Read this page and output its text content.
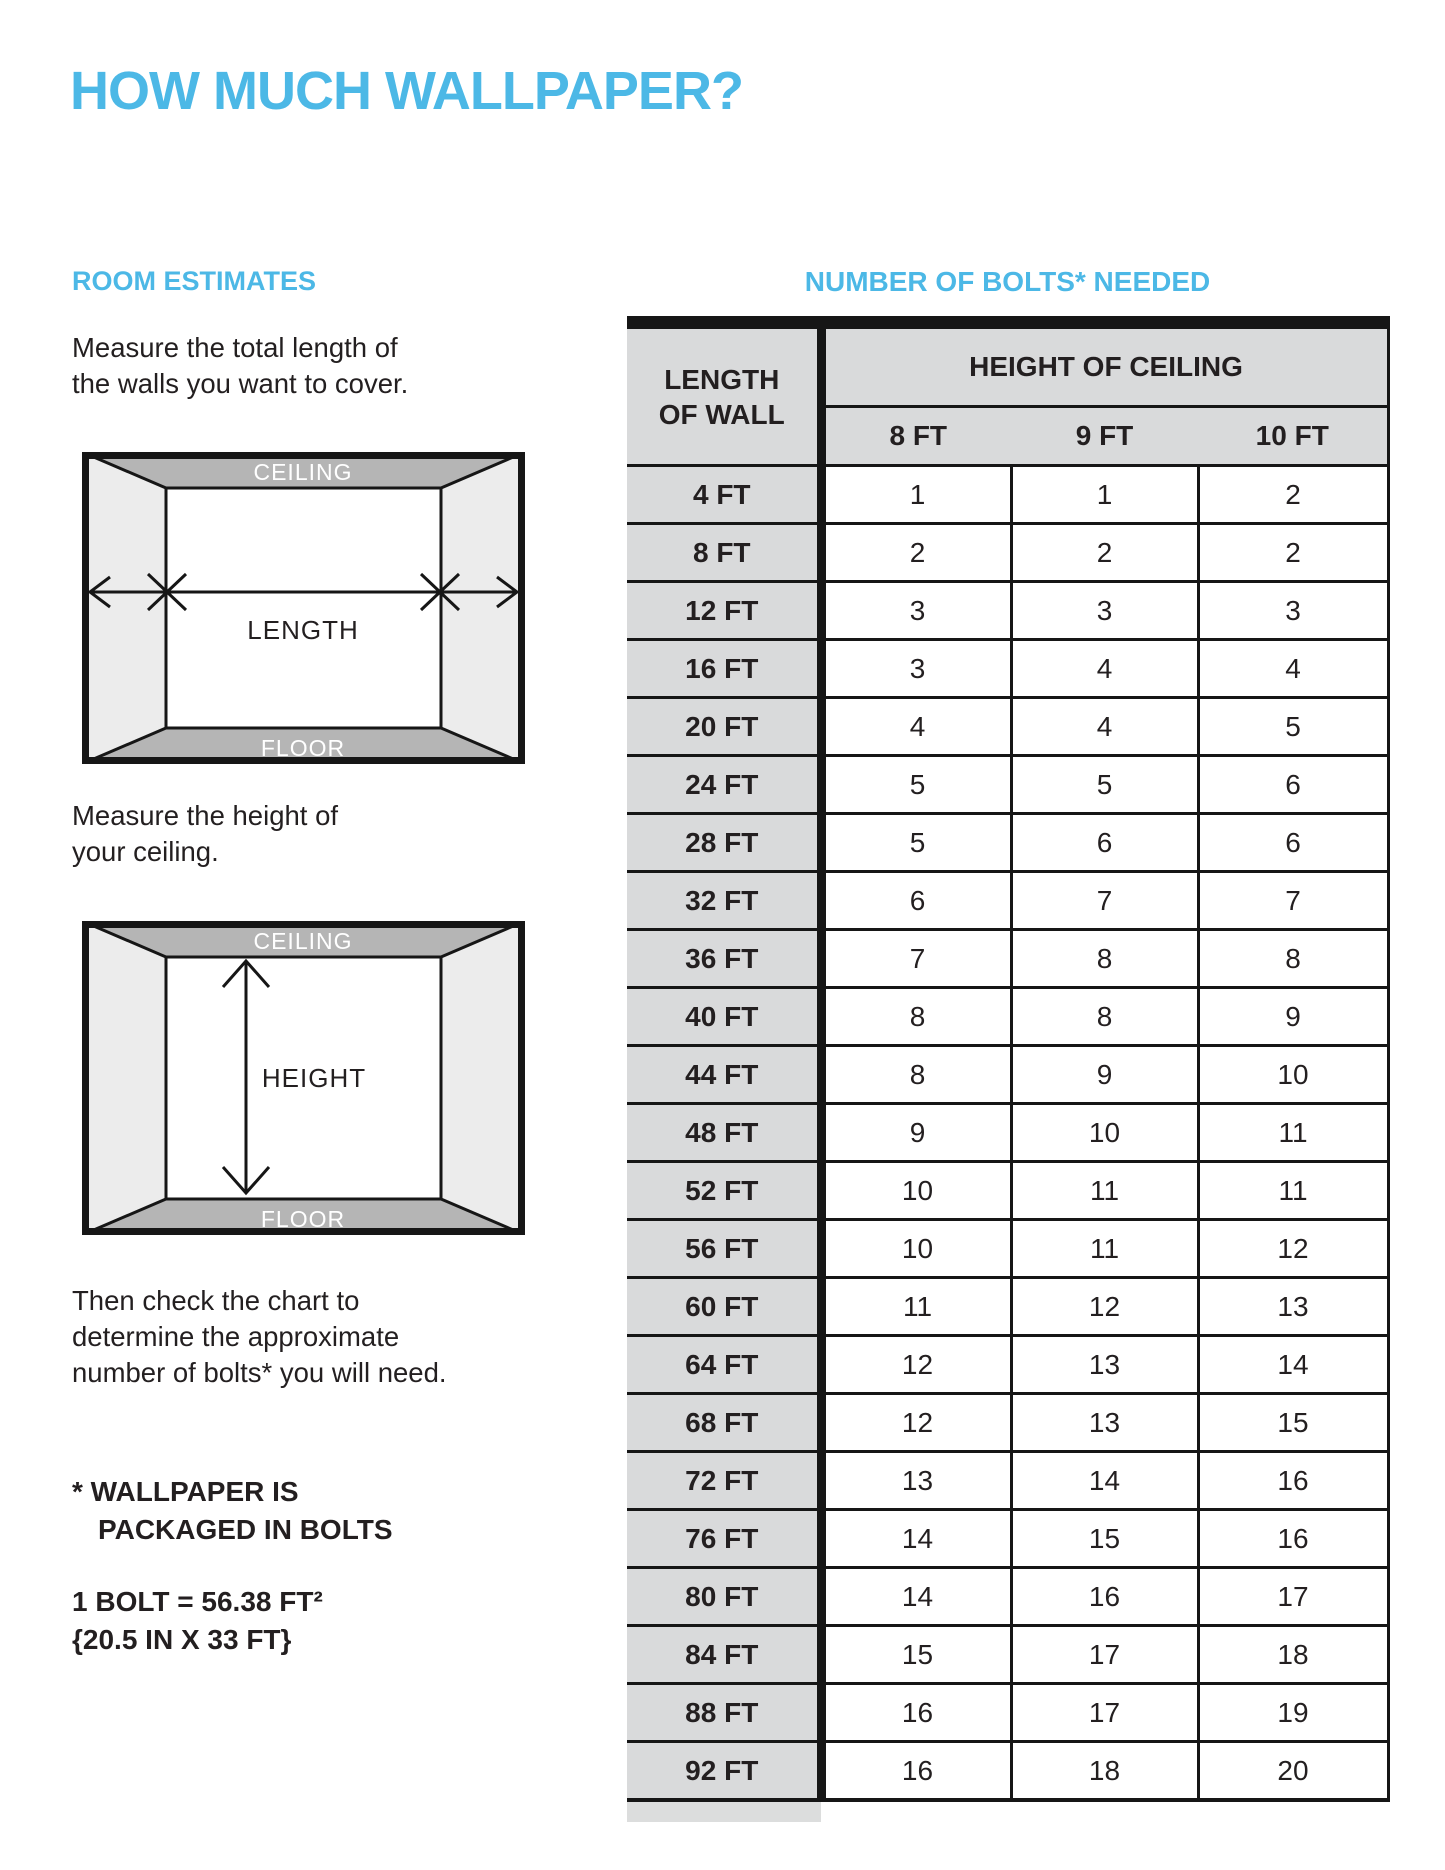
HOW MUCH WALLPAPER?
ROOM ESTIMATES
Measure the total length of
the walls you want to cover.
CEILING
FLOOR
LENGTH
Measure the height of
your ceiling.
CEILING
FLOOR
HEIGHT
Then check the chart to
determine the approximate
number of bolts* you will need.
* WALLPAPER IS
PACKAGED IN BOLTS
1 BOLT = 56.38 FT²
{20.5 IN X 33 FT}
NUMBER OF BOLTS* NEEDED
LENGTH
OF WALL	HEIGHT OF CEILING		
	8 FT	9 FT	10 FT
4 FT	1	1	2
8 FT	2	2	2
12 FT	3	3	3
16 FT	3	4	4
20 FT	4	4	5
24 FT	5	5	6
28 FT	5	6	6
32 FT	6	7	7
36 FT	7	8	8
40 FT	8	8	9
44 FT	8	9	10
48 FT	9	10	11
52 FT	10	11	11
56 FT	10	11	12
60 FT	11	12	13
64 FT	12	13	14
68 FT	12	13	15
72 FT	13	14	16
76 FT	14	15	16
80 FT	14	16	17
84 FT	15	17	18
88 FT	16	17	19
92 FT	16	18	20
